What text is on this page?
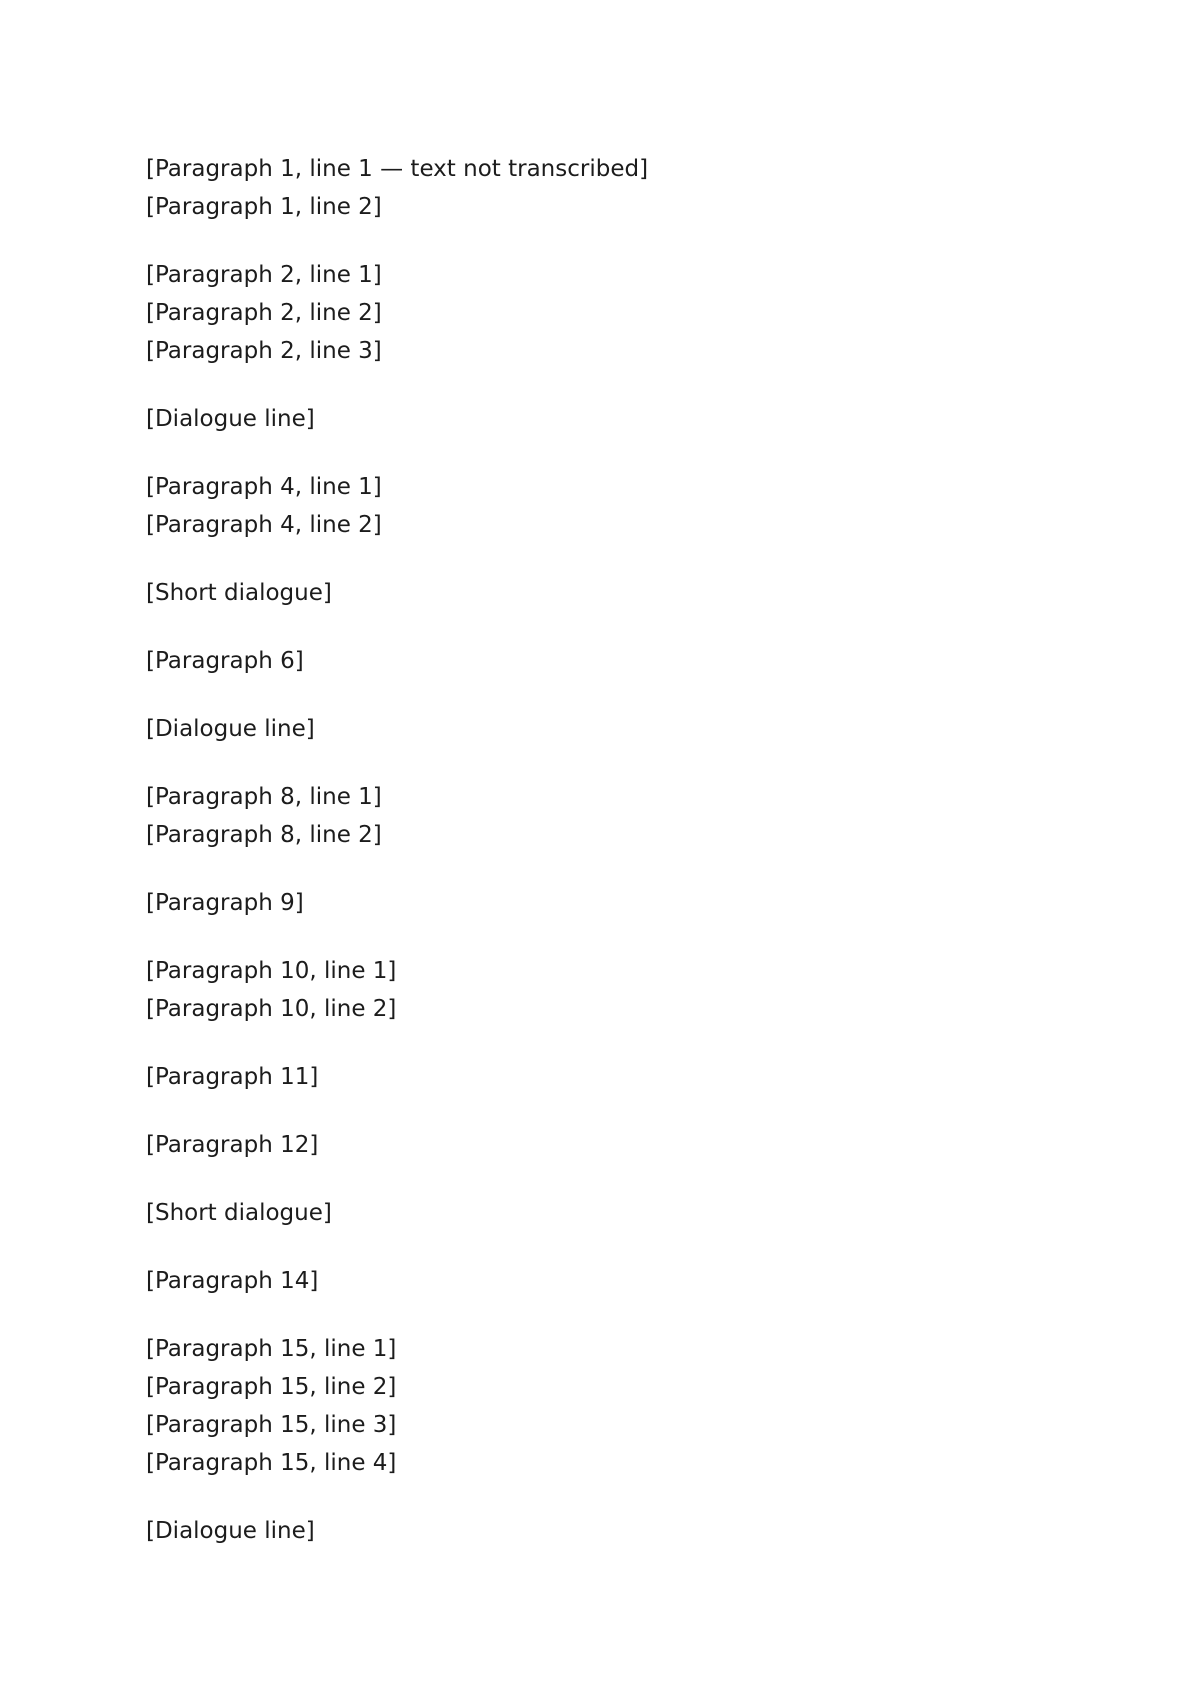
[Paragraph 1, line 1 — text not transcribed]
[Paragraph 1, line 2]

[Paragraph 2, line 1]
[Paragraph 2, line 2]
[Paragraph 2, line 3]

[Dialogue line]

[Paragraph 4, line 1]
[Paragraph 4, line 2]

[Short dialogue]

[Paragraph 6]

[Dialogue line]

[Paragraph 8, line 1]
[Paragraph 8, line 2]

[Paragraph 9]

[Paragraph 10, line 1]
[Paragraph 10, line 2]

[Paragraph 11]

[Paragraph 12]

[Short dialogue]

[Paragraph 14]

[Paragraph 15, line 1]
[Paragraph 15, line 2]
[Paragraph 15, line 3]
[Paragraph 15, line 4]

[Dialogue line]
